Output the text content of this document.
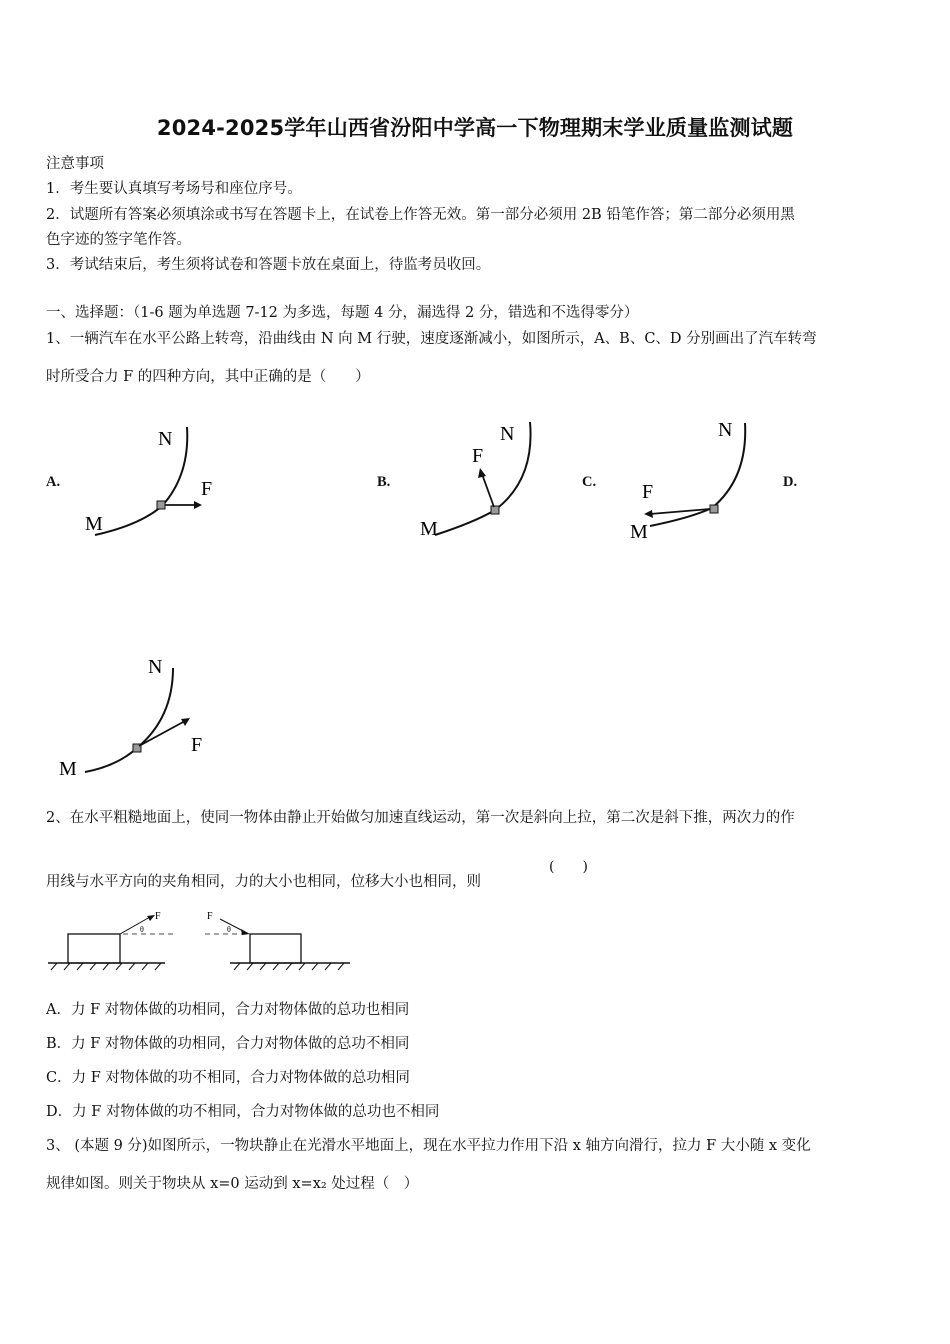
2024-2025学年山西省汾阳中学高一下物理期末学业质量监测试题
注意事项
1．考生要认真填写考场号和座位序号。
2．试题所有答案必须填涂或书写在答题卡上，在试卷上作答无效。第一部分必须用 2B 铅笔作答；第二部分必须用黑
色字迹的签字笔作答。
3．考试结束后，考生须将试卷和答题卡放在桌面上，待监考员收回。
一、选择题：（1-6 题为单选题 7-12 为多选，每题 4 分，漏选得 2 分，错选和不选得零分）
1、一辆汽车在水平公路上转弯，沿曲线由 N 向 M 行驶，速度逐渐减小，如图所示，A、B、C、D 分别画出了汽车转弯
时所受合力 F 的四种方向，其中正确的是（　　）
A.	B.	C.	D.
N
M
F
N
F
M
N
F
M
N
F
M
2、在水平粗糙地面上，使同一物体由静止开始做匀加速直线运动，第一次是斜向上拉，第二次是斜下推，两次力的作
用线与水平方向的夹角相同，力的大小也相同，位移大小也相同，则
(　　)
F
θ
F
θ
A．力 F 对物体做的功相同，合力对物体做的总功也相同
B．力 F 对物体做的功相同，合力对物体做的总功不相同
C．力 F 对物体做的功不相同，合力对物体做的总功相同
D．力 F 对物体做的功不相同，合力对物体做的总功也不相同
3、 (本题 9 分)如图所示，一物块静止在光滑水平地面上，现在水平拉力作用下沿 x 轴方向滑行，拉力 F 大小随 x 变化
规律如图。则关于物块从 x=0 运动到 x=x₂ 处过程（　）
